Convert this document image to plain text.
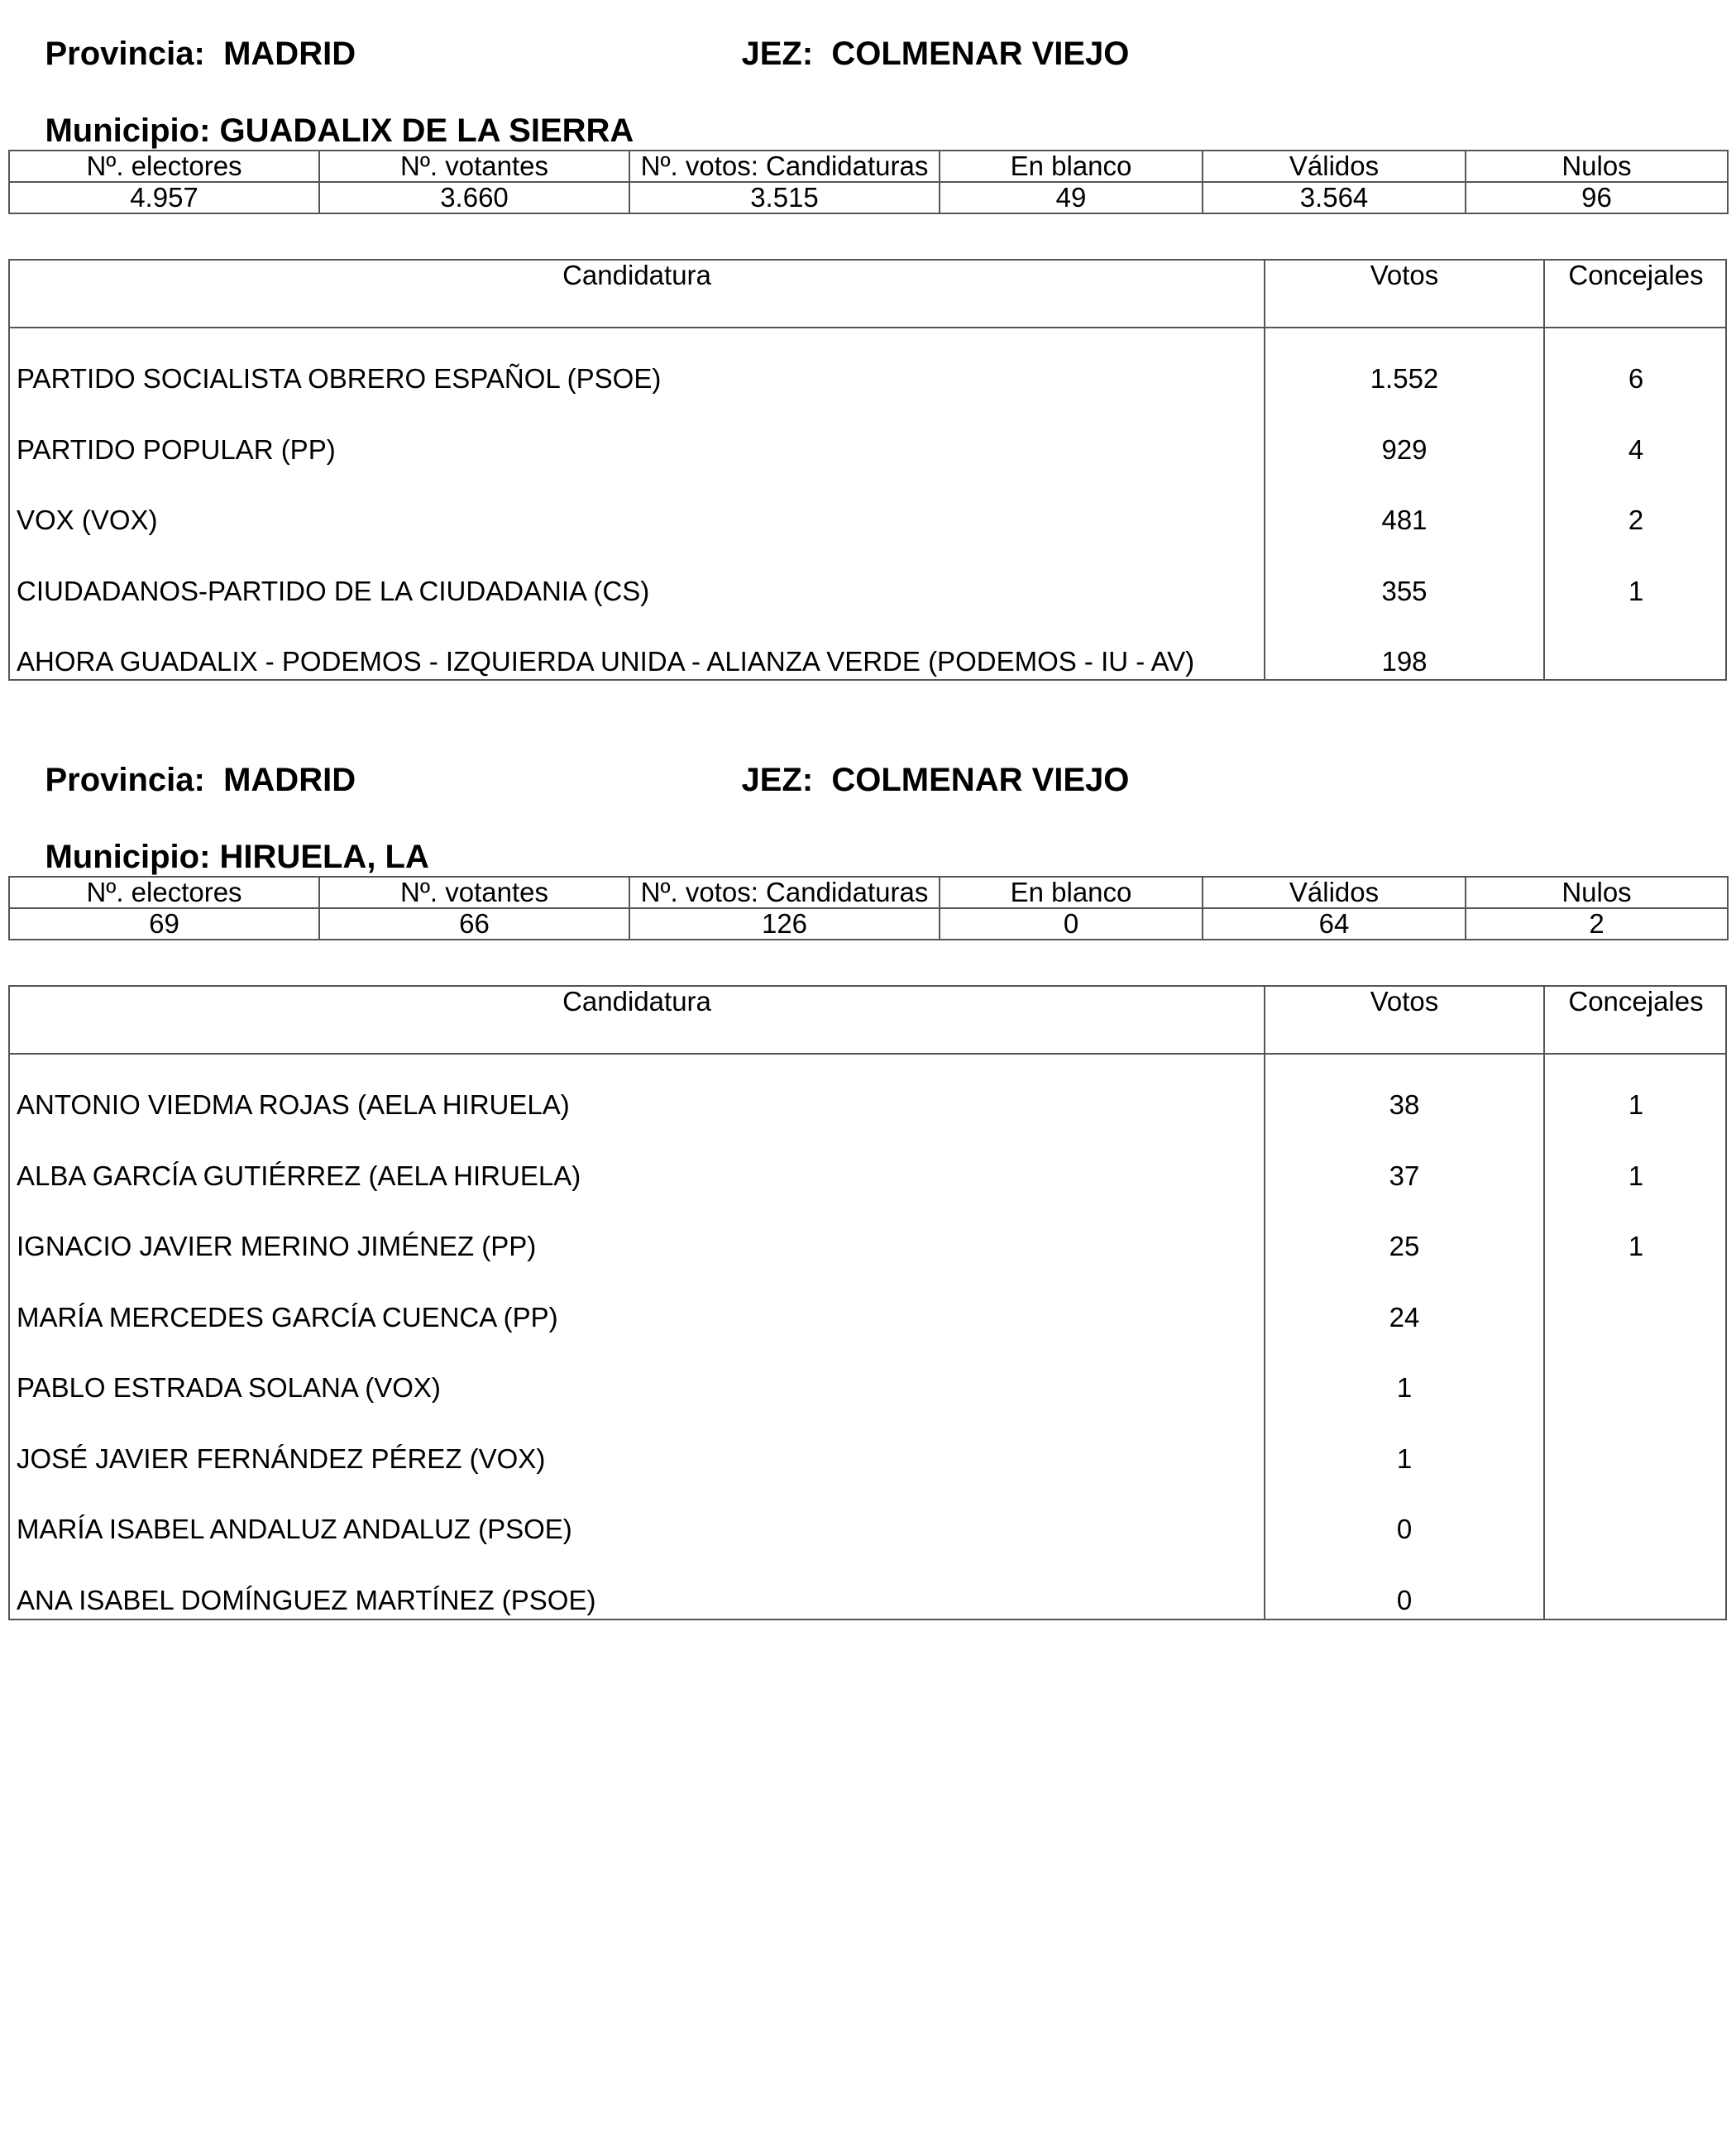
Provincia: MADRID
	JEZ: COLMENAR VIEJO

Municipio: GUADALIX DE LA SIERRA

Nº. electores	Nº. votantes	Nº. votos: Candidaturas	En blanco	Válidos	Nulos
4.957	3.660	3.515	49	3.564	96
Candidatura	Votos	Concejales
PARTIDO SOCIALISTA OBRERO ESPAÑOL (PSOE)	1.552	6
PARTIDO POPULAR (PP)	929	4
VOX (VOX)	481	2
CIUDADANOS-PARTIDO DE LA CIUDADANIA (CS)	355	1
AHORA GUADALIX - PODEMOS - IZQUIERDA UNIDA - ALIANZA VERDE (PODEMOS - IU - AV)	198

Provincia: MADRID
	JEZ: COLMENAR VIEJO

Municipio: HIRUELA, LA

Nº. electores	Nº. votantes	Nº. votos: Candidaturas	En blanco	Válidos	Nulos
69	66	126	0	64	2
Candidatura	Votos	Concejales
ANTONIO VIEDMA ROJAS (AELA HIRUELA)	38	1
ALBA GARCÍA GUTIÉRREZ (AELA HIRUELA)	37	1
IGNACIO JAVIER MERINO JIMÉNEZ (PP)	25	1
MARÍA MERCEDES GARCÍA CUENCA (PP)	24
PABLO ESTRADA SOLANA (VOX)	1
JOSÉ JAVIER FERNÁNDEZ PÉREZ (VOX)	1
MARÍA ISABEL ANDALUZ ANDALUZ (PSOE)	0
ANA ISABEL DOMÍNGUEZ MARTÍNEZ (PSOE)	0
